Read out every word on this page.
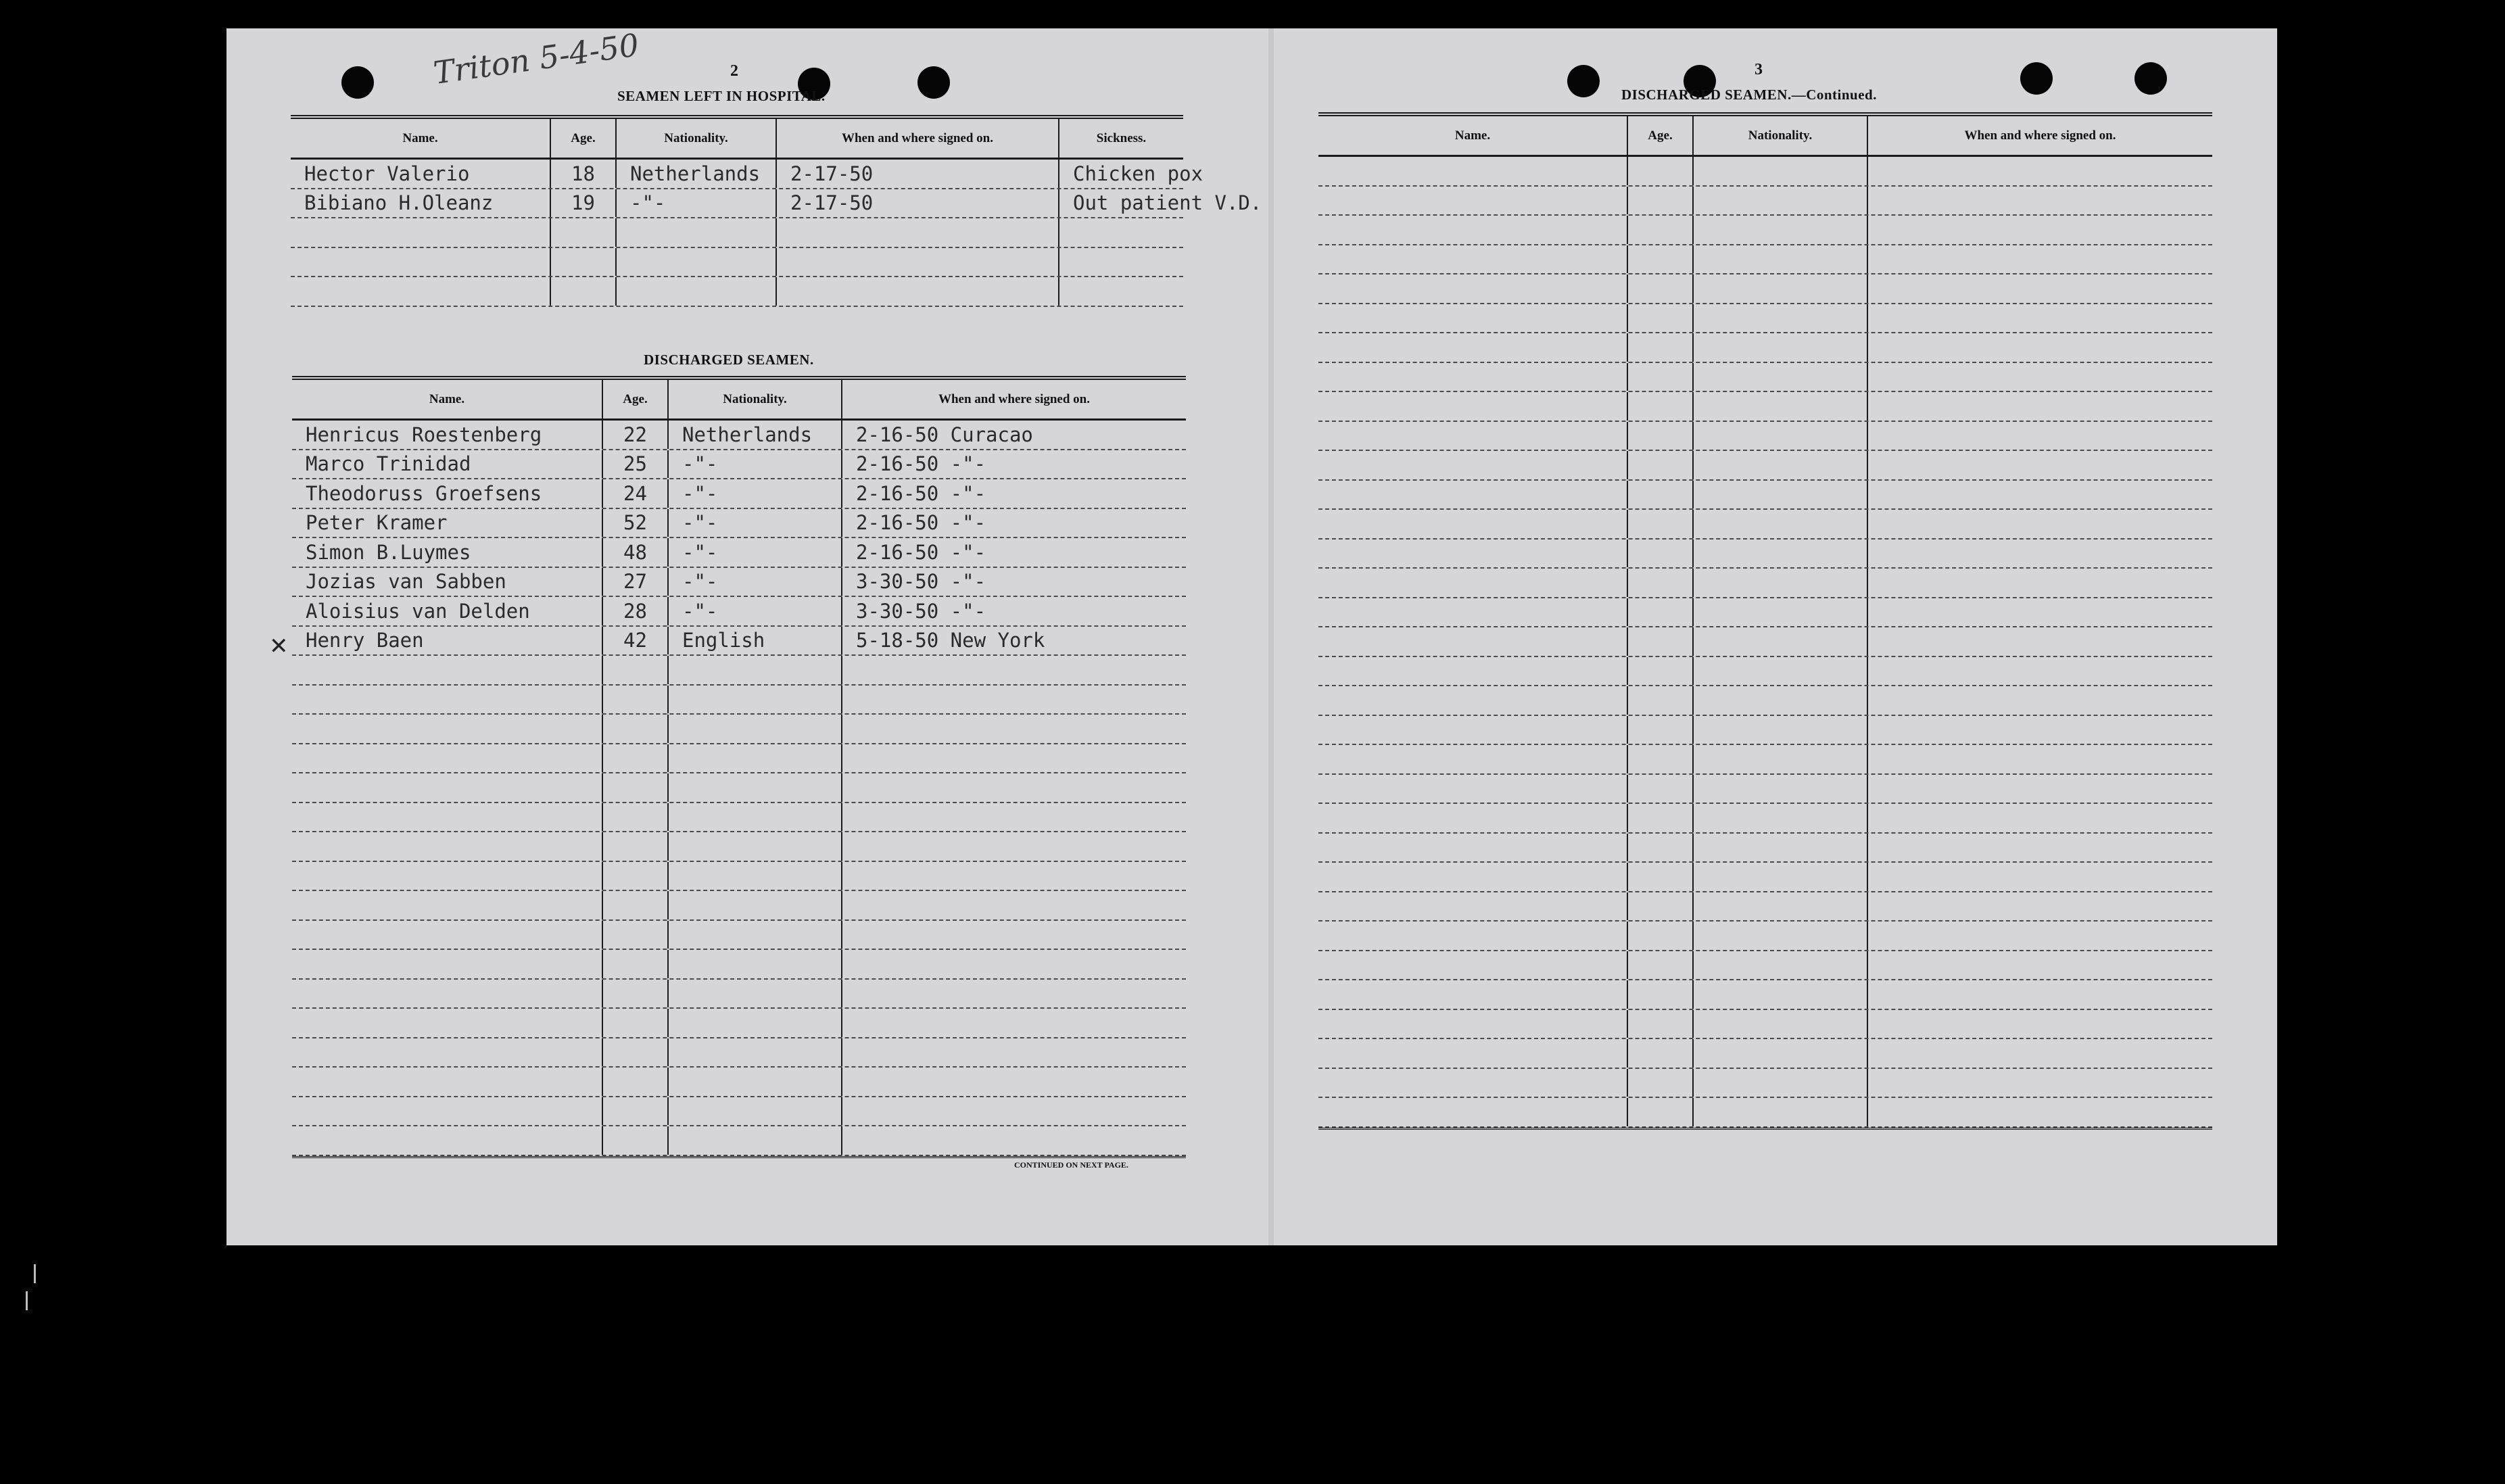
Triton 5-4-50	2
SEAMEN LEFT IN HOSPITAL.
Name.	Age.	Nationality.	When and where signed on.	Sickness.
Hector Valerio	18	Netherlands	2-17-50	Chicken pox
Bibiano H.Oleanz	19	-"-	2-17-50	Out patient V.D.
DISCHARGED SEAMEN.
Name.	Age.	Nationality.	When and where signed on.
Henricus Roestenberg	22	Netherlands	2-16-50 Curacao
Marco Trinidad	25	-"-	2-16-50 -"-
Theodoruss Groefsens	24	-"-	2-16-50 -"-
Peter Kramer	52	-"-	2-16-50 -"-
Simon B.Luymes	48	-"-	2-16-50 -"-
Jozias van Sabben	27	-"-	3-30-50 -"-
Aloisius van Delden	28	-"-	3-30-50 -"-
Henry Baen	42	English	5-18-50 New York
✕
CONTINUED ON NEXT PAGE.
3
DISCHARGED SEAMEN.—Continued.
Name.	Age.	Nationality.	When and where signed on.
